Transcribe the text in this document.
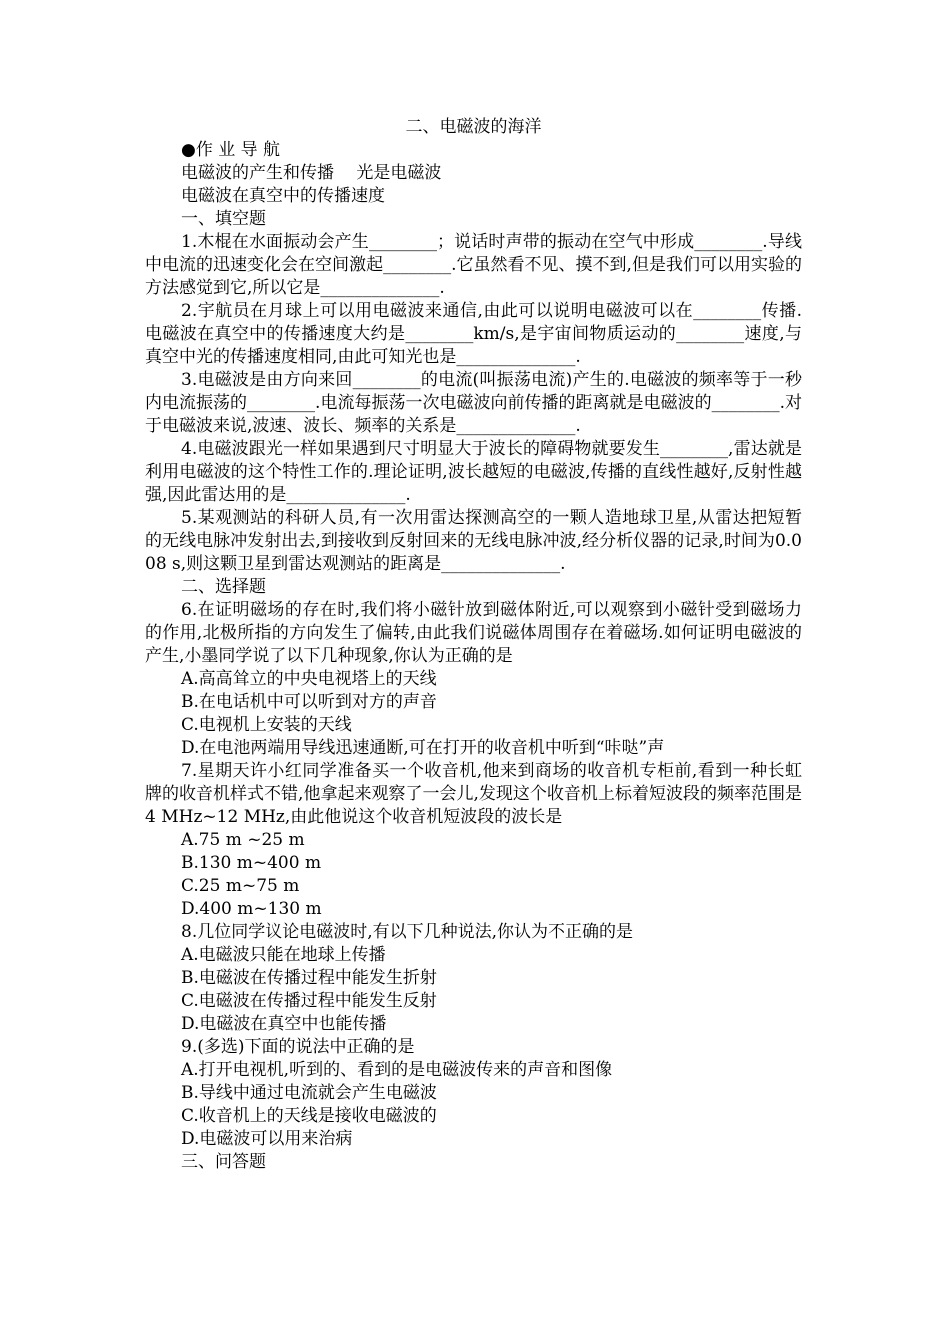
二、电磁波的海洋
●作 业 导 航
电磁波的产生和传播　 光是电磁波
电磁波在真空中的传播速度
一、填空题
1.木棍在水面振动会产生________；说话时声带的振动在空气中形成________.导线中电流的迅速变化会在空间激起________.它虽然看不见、摸不到,但是我们可以用实验的方法感觉到它,所以它是______________.
2.宇航员在月球上可以用电磁波来通信,由此可以说明电磁波可以在________传播.电磁波在真空中的传播速度大约是________km/s,是宇宙间物质运动的________速度,与真空中光的传播速度相同,由此可知光也是______________.
3.电磁波是由方向来回________的电流(叫振荡电流)产生的.电磁波的频率等于一秒内电流振荡的________.电流每振荡一次电磁波向前传播的距离就是电磁波的________.对于电磁波来说,波速、波长、频率的关系是______________.
4.电磁波跟光一样如果遇到尺寸明显大于波长的障碍物就要发生________,雷达就是利用电磁波的这个特性工作的.理论证明,波长越短的电磁波,传播的直线性越好,反射性越强,因此雷达用的是______________.
5.某观测站的科研人员,有一次用雷达探测高空的一颗人造地球卫星,从雷达把短暂的无线电脉冲发射出去,到接收到反射回来的无线电脉冲波,经分析仪器的记录,时间为0.008 s,则这颗卫星到雷达观测站的距离是______________.
二、选择题
6.在证明磁场的存在时,我们将小磁针放到磁体附近,可以观察到小磁针受到磁场力的作用,北极所指的方向发生了偏转,由此我们说磁体周围存在着磁场.如何证明电磁波的产生,小墨同学说了以下几种现象,你认为正确的是
A.高高耸立的中央电视塔上的天线
B.在电话机中可以听到对方的声音
C.电视机上安装的天线
D.在电池两端用导线迅速通断,可在打开的收音机中听到“咔哒”声
7.星期天许小红同学准备买一个收音机,他来到商场的收音机专柜前,看到一种长虹牌的收音机样式不错,他拿起来观察了一会儿,发现这个收音机上标着短波段的频率范围是　　4 MHz~12 MHz,由此他说这个收音机短波段的波长是
A.75 m ~25 m
B.130 m~400 m
C.25 m~75 m
D.400 m~130 m
8.几位同学议论电磁波时,有以下几种说法,你认为不正确的是
A.电磁波只能在地球上传播
B.电磁波在传播过程中能发生折射
C.电磁波在传播过程中能发生反射
D.电磁波在真空中也能传播
9.(多选)下面的说法中正确的是
A.打开电视机,听到的、看到的是电磁波传来的声音和图像
B.导线中通过电流就会产生电磁波
C.收音机上的天线是接收电磁波的
D.电磁波可以用来治病
三、问答题
